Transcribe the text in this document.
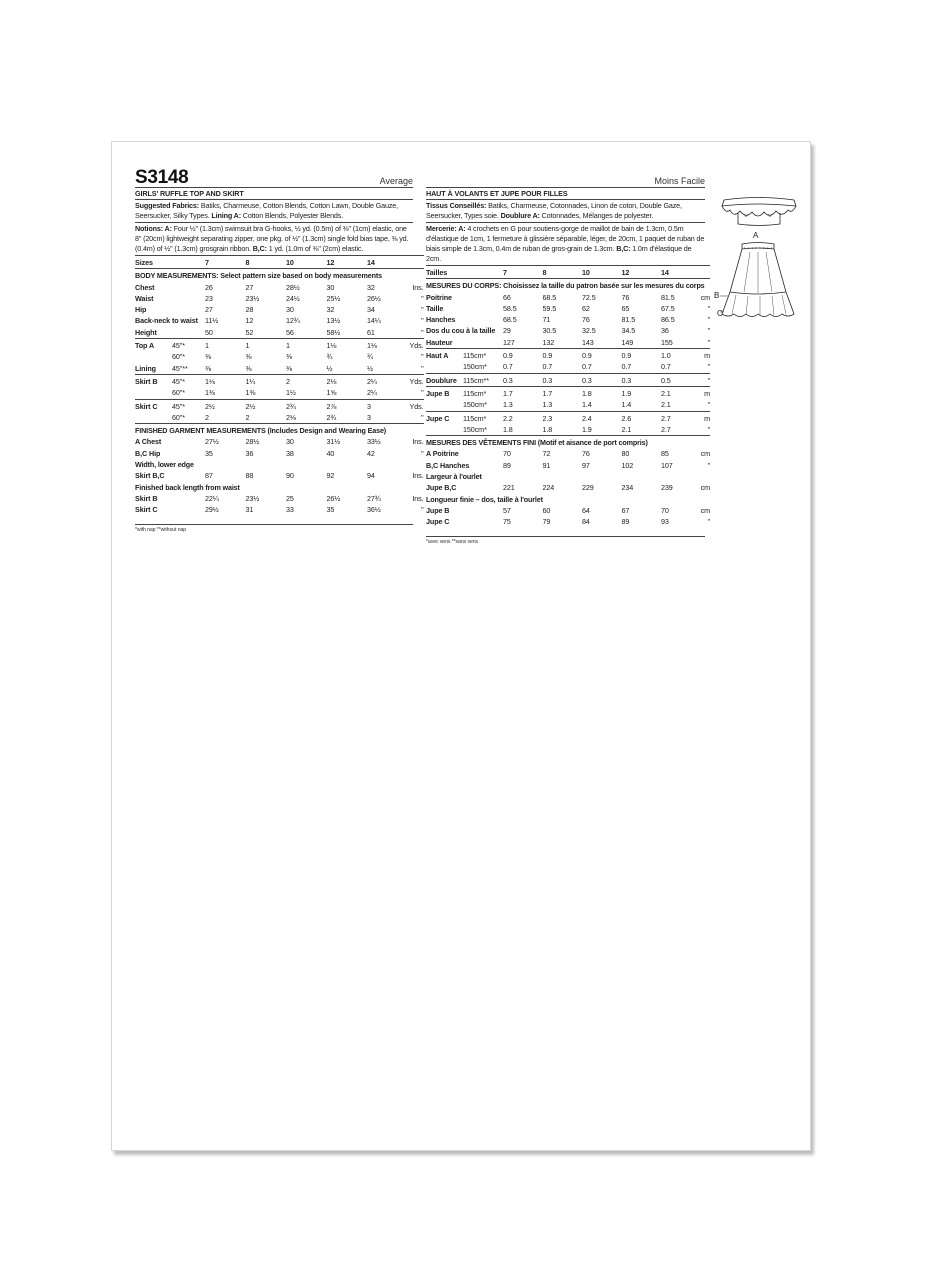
S3148	Average
GIRLS' RUFFLE TOP AND SKIRT
Suggested Fabrics: Batiks, Charmeuse, Cotton Blends, Cotton Lawn, Double Gauze, Seersucker, Silky Types. Lining A: Cotton Blends, Polyester Blends.
Notions: A: Four ½" (1.3cm) swimsuit bra G-hooks, ½ yd. (0.5m) of ⅜" (1cm) elastic, one 8" (20cm) lightweight separating zipper, one pkg. of ½" (1.3cm) single fold bias tape, ⅜ yd. (0.4m) of ½" (1.3cm) grosgrain ribbon. B,C: 1 yd. (1.0m of ⅜" (2cm) elastic.
Sizes		7	8	10	12	14	
BODY MEASUREMENTS: Select pattern size based on body measurements							
Chest		26	27	28½	30	32	Ins.
Waist		23	23½	24½	25½	26½	"
Hip		27	28	30	32	34	"
Back-neck to waist		11½	12	12¾	13½	14¼	"
Height		50	52	56	58½	61	"
Top A	45"*	1	1	1	1⅛	1⅛	Yds.
	60"*	⅜	⅜	⅜	¾	¾	"
Lining	45"**	⅜	⅜	⅜	½	½	"
Skirt B	45"*	1⅛	1¼	2	2⅛	2¼	Yds.
	60"*	1⅜	1⅜	1½	1⅝	2¼	"
Skirt C	45"*	2½	2½	2¾	2⅞	3	Yds.
	60"*	2	2	2⅛	2¾	3	"
FINISHED GARMENT MEASUREMENTS (Includes Design and Wearing Ease)							
A Chest		27½	28½	30	31½	33½	Ins.
B,C Hip		35	36	38	40	42	"
Width, lower edge							
Skirt B,C		87	88	90	92	94	Ins.
Finished back length from waist							
Skirt B		22¼	23½	25	26½	27¾	Ins.
Skirt C		29½	31	33	35	36½	"
*with nap **without nap
Moins Facile
HAUT À VOLANTS ET JUPE POUR FILLES
Tissus Conseillés: Batiks, Charmeuse, Cotonnades, Linon de coton, Double Gaze, Seersucker, Types soie. Doublure A: Cotonnades, Mélanges de polyester.
Mercerie: A: 4 crochets en G pour soutiens-gorge de maillot de bain de 1.3cm, 0.5m d'élastique de 1cm, 1 fermeture à glissière séparable, léger, de 20cm, 1 paquet de ruban de biais simple de 1.3cm, 0.4m de ruban de gros-grain de 1.3cm. B,C: 1.0m d'élastique de 2cm.
Tailles		7	8	10	12	14	
MESURES DU CORPS: Choisissez la taille du patron basée sur les mesures du corps							
Poitrine		66	68.5	72.5	76	81.5	cm
Taille		58.5	59.5	62	65	67.5	"
Hanches		68.5	71	76	81.5	86.5	"
Dos du cou à la taille		29	30.5	32.5	34.5	36	"
Hauteur		127	132	143	149	155	"
Haut A	115cm*	0.9	0.9	0.9	0.9	1.0	m
	150cm*	0.7	0.7	0.7	0.7	0.7	"
Doublure	115cm**	0.3	0.3	0.3	0.3	0.5	"
Jupe B	115cm*	1.7	1.7	1.8	1.9	2.1	m
	150cm*	1.3	1.3	1.4	1.4	2.1	"
Jupe C	115cm*	2.2	2.3	2.4	2.6	2.7	m
	150cm*	1.8	1.8	1.9	2.1	2.7	"
MESURES DES VÊTEMENTS FINI (Motif et aisance de port compris)							
A Poitrine		70	72	76	80	85	cm
B,C Hanches		89	91	97	102	107	"
Largeur à l'ourlet							
Jupe B,C		221	224	229	234	239	cm
Longueur finie – dos, taille à l'ourlet							
Jupe B		57	60	64	67	70	cm
Jupe C		75	79	84	89	93	"
*avec sens **sans sens
A
B
C
